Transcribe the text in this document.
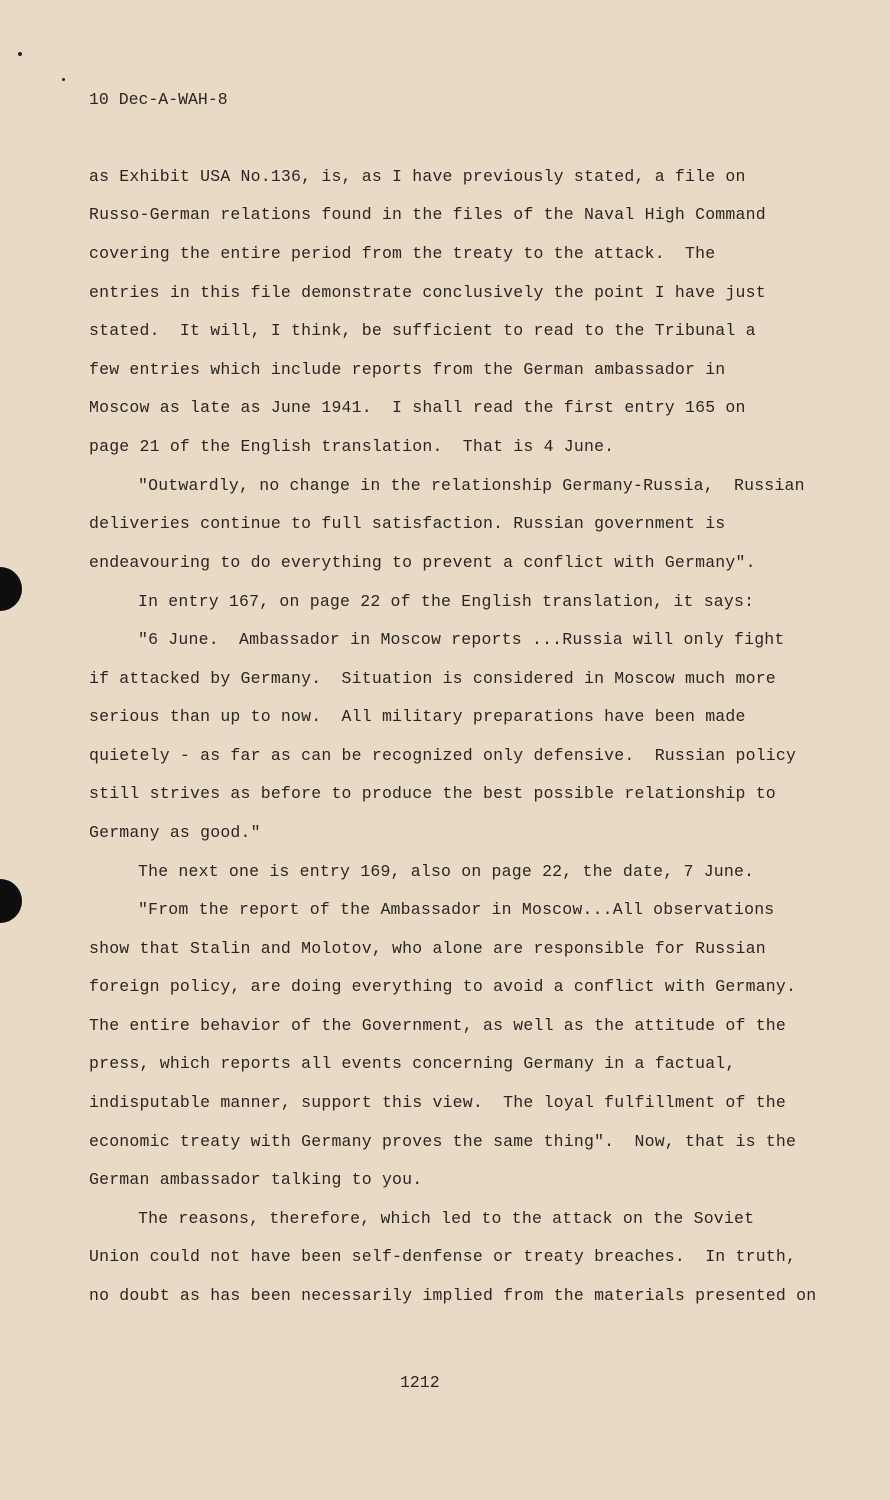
10 Dec-A-WAH-8
as Exhibit USA No.136, is, as I have previously stated, a file on
Russo-German relations found in the files of the Naval High Command
covering the entire period from the treaty to the attack.  The
entries in this file demonstrate conclusively the point I have just
stated.  It will, I think, be sufficient to read to the Tribunal a
few entries which include reports from the German ambassador in
Moscow as late as June 1941.  I shall read the first entry 165 on
page 21 of the English translation.  That is 4 June.
"Outwardly, no change in the relationship Germany-Russia,  Russian
deliveries continue to full satisfaction. Russian government is
endeavouring to do everything to prevent a conflict with Germany".
In entry 167, on page 22 of the English translation, it says:
"6 June.  Ambassador in Moscow reports ...Russia will only fight
if attacked by Germany.  Situation is considered in Moscow much more
serious than up to now.  All military preparations have been made
quietely - as far as can be recognized only defensive.  Russian policy
still strives as before to produce the best possible relationship to
Germany as good."
The next one is entry 169, also on page 22, the date, 7 June.
"From the report of the Ambassador in Moscow...All observations
show that Stalin and Molotov, who alone are responsible for Russian
foreign policy, are doing everything to avoid a conflict with Germany.
The entire behavior of the Government, as well as the attitude of the
press, which reports all events concerning Germany in a factual,
indisputable manner, support this view.  The loyal fulfillment of the
economic treaty with Germany proves the same thing".  Now, that is the
German ambassador talking to you.
The reasons, therefore, which led to the attack on the Soviet
Union could not have been self-denfense or treaty breaches.  In truth,
no doubt as has been necessarily implied from the materials presented on
1212
